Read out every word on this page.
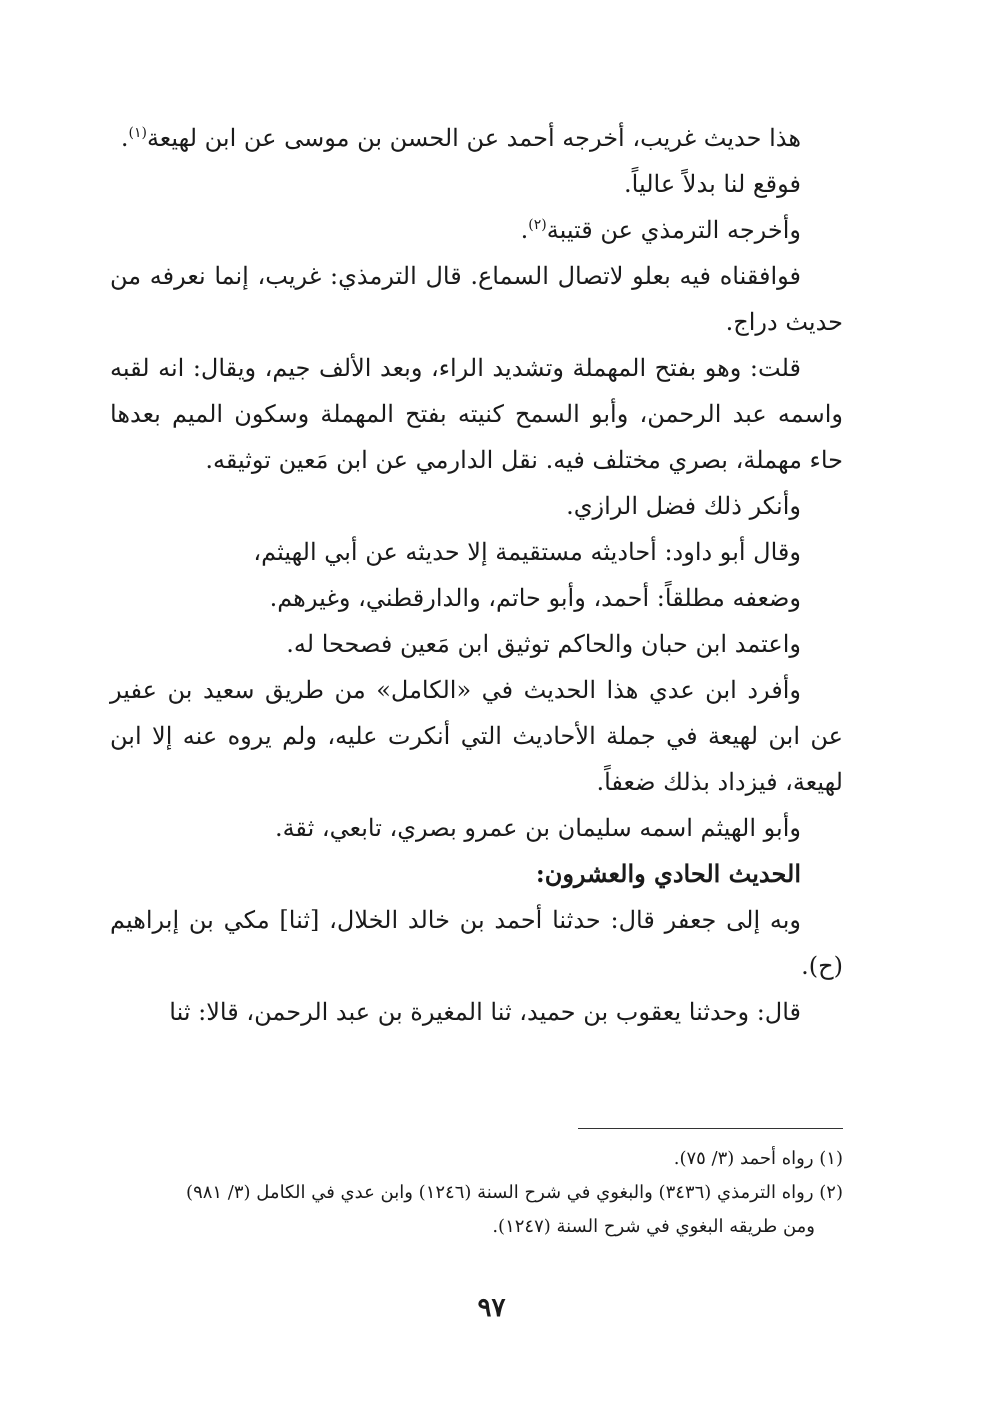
هذا حديث غريب، أخرجه أحمد عن الحسن بن موسى عن ابن لهيعة$^{(١)}$.

فوقع لنا بدلاً عالياً.

وأخرجه الترمذي عن قتيبة$^{(٢)}$.

فوافقناه فيه بعلو لاتصال السماع. قال الترمذي: غريب، إنما نعرفه من حديث دراج.

قلت: وهو بفتح المهملة وتشديد الراء، وبعد الألف جيم، ويقال: انه لقبه واسمه عبد الرحمن، وأبو السمح كنيته بفتح المهملة وسكون الميم بعدها حاء مهملة، بصري مختلف فيه. نقل الدارمي عن ابن مَعين توثيقه.

وأنكر ذلك فضل الرازي.

وقال أبو داود: أحاديثه مستقيمة إلا حديثه عن أبي الهيثم،

وضعفه مطلقاً: أحمد، وأبو حاتم، والدارقطني، وغيرهم.

واعتمد ابن حبان والحاكم توثيق ابن مَعين فصححا له.

وأفرد ابن عدي هذا الحديث في «الكامل» من طريق سعيد بن عفير عن ابن لهيعة في جملة الأحاديث التي أنكرت عليه، ولم يروه عنه إلا ابن لهيعة، فيزداد بذلك ضعفاً.

وأبو الهيثم اسمه سليمان بن عمرو بصري، تابعي، ثقة.

الحديث الحادي والعشرون:

وبه إلى جعفر قال: حدثنا أحمد بن خالد الخلال، [ثنا] مكي بن إبراهيم (ح).

قال: وحدثنا يعقوب بن حميد، ثنا المغيرة بن عبد الرحمن، قالا: ثنا

(١) رواه أحمد (٣/ ٧٥).

(٢) رواه الترمذي (٣٤٣٦) والبغوي في شرح السنة (١٢٤٦) وابن عدي في الكامل (٣/ ٩٨١)

ومن طريقه البغوي في شرح السنة (١٢٤٧).

٩٧
